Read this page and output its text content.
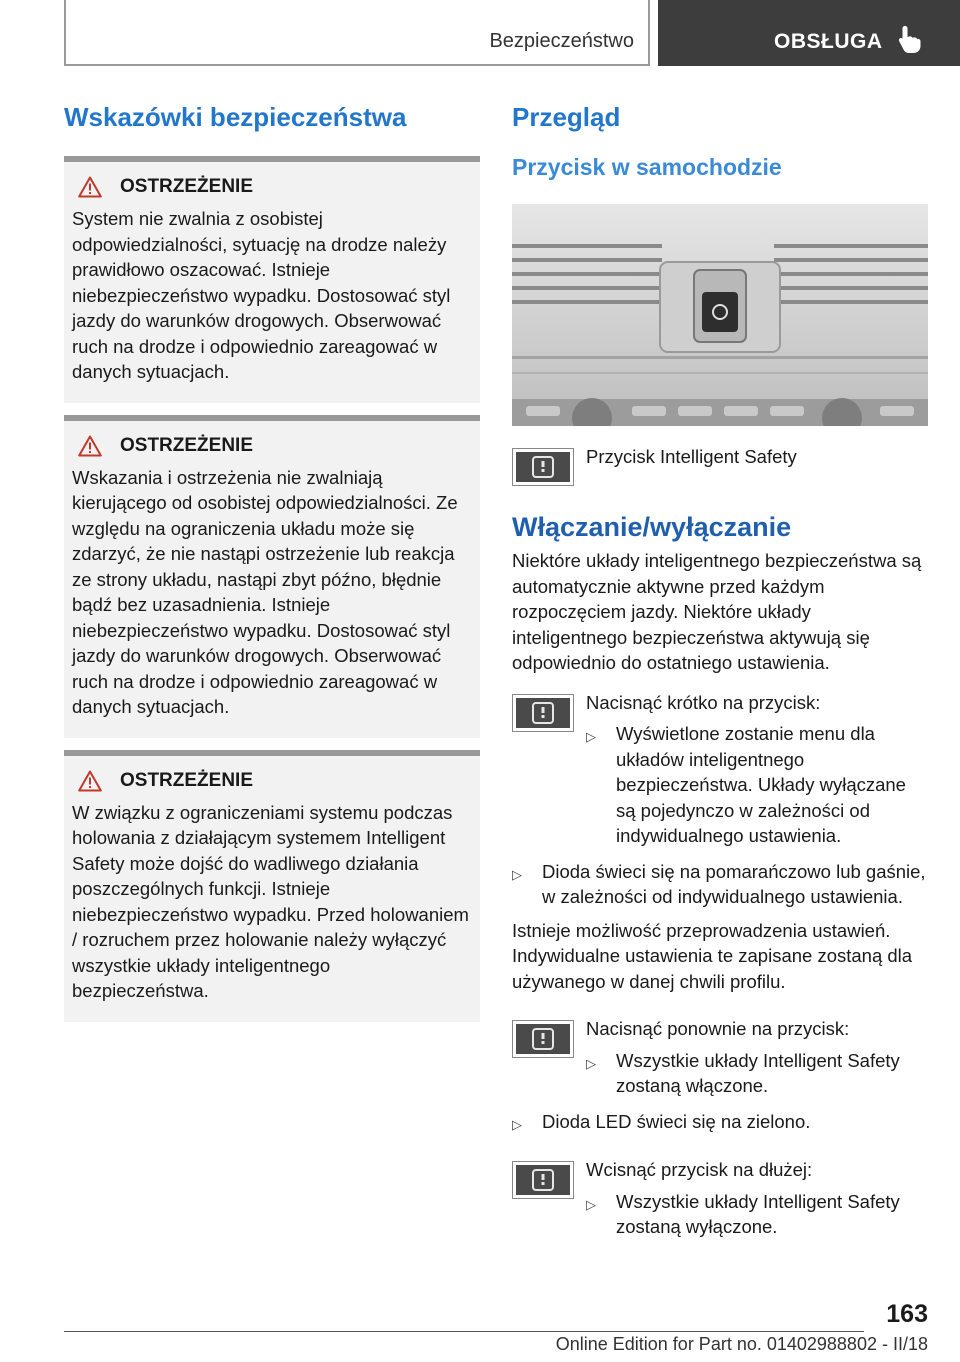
Bezpieczeństwo	OBSŁUGA
Wskazówki bezpieczeństwa
OSTRZEŻENIE
System nie zwalnia z osobistej odpowiedzialności, sytuację na drodze należy prawidłowo oszacować. Istnieje niebezpieczeństwo wypadku. Dostosować styl jazdy do warunków drogowych. Obserwować ruch na drodze i odpowiednio zareagować w danych sytuacjach.
OSTRZEŻENIE
Wskazania i ostrzeżenia nie zwalniają kierującego od osobistej odpowiedzialności. Ze względu na ograniczenia układu może się zdarzyć, że nie nastąpi ostrzeżenie lub reakcja ze strony układu, nastąpi zbyt późno, błędnie bądź bez uzasadnienia. Istnieje niebezpieczeństwo wypadku. Dostosować styl jazdy do warunków drogowych. Obserwować ruch na drodze i odpowiednio zareagować w danych sytuacjach.
OSTRZEŻENIE
W związku z ograniczeniami systemu podczas holowania z działającym systemem Intelligent Safety może dojść do wadliwego działania poszczególnych funkcji. Istnieje niebezpieczeństwo wypadku. Przed holowaniem / rozruchem przez holowanie należy wyłączyć wszystkie układy inteligentnego bezpieczeństwa.
Przegląd
Przycisk w samochodzie
Przycisk Intelligent Safety
Włączanie/wyłączanie
Niektóre układy inteligentnego bezpieczeństwa są automatycznie aktywne przed każdym rozpoczęciem jazdy. Niektóre układy inteligentnego bezpieczeństwa aktywują się odpowiednio do ostatniego ustawienia.
Nacisnąć krótko na przycisk:
▷	Wyświetlone zostanie menu dla układów inteligentnego bezpieczeństwa. Układy wyłączane są pojedynczo w zależności od indywidualnego ustawienia.
▷	Dioda świeci się na pomarańczowo lub gaśnie, w zależności od indywidualnego ustawienia.
Istnieje możliwość przeprowadzenia ustawień. Indywidualne ustawienia te zapisane zostaną dla używanego w danej chwili profilu.
Nacisnąć ponownie na przycisk:
▷	Wszystkie układy Intelligent Safety zostaną włączone.
▷	Dioda LED świeci się na zielono.
Wcisnąć przycisk na dłużej:
▷	Wszystkie układy Intelligent Safety zostaną wyłączone.
163
Online Edition for Part no. 01402988802 - II/18
